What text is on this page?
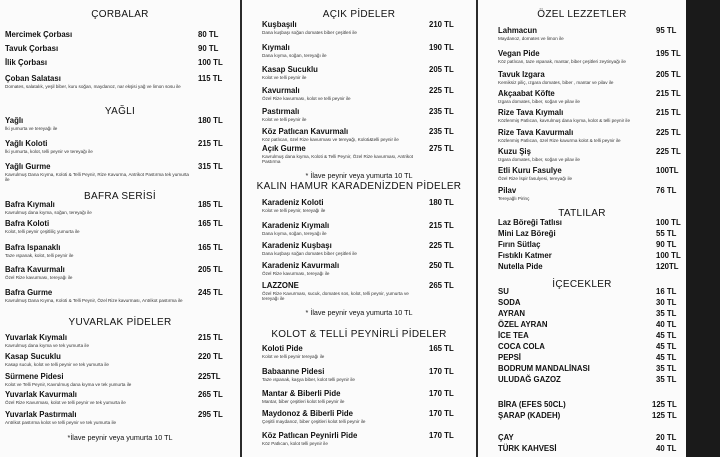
ÇORBALAR
Mercimek Çorbası	80 TL
Tavuk Çorbası	90 TL
İlik Çorbası	100 TL
Çoban Salatası	115 TL
Domates, salatalık, yeşil biber, kuru soğan, maydanoz, nar ekşisi yağ ve limon sosu ile
YAĞLI
Yağlı	180 TL
İki yumurta ve tereyağı ile
Yağlı Koloti	215 TL
İki yumurta, kolot, telli peynir ve tereyağı ile
Yağlı Gurme	315 TL
Kavrulmuş Dana Kıyma, Koloti & Telli Peynir, Rize Kavurma, Antrikot Pastırma tek yumurta ile
BAFRA SERİSİ
Bafra Kıymalı	185 TL
Kavrulmuş dana kıyma, soğan, tereyağı ile
Bafra Koloti	165 TL
Kolot, telli peynir çeşitliliç yumurta ile
Bafra Ispanaklı	165 TL
Taze ıspanak, kolot, telli peynir ile
Bafra Kavurmalı	205 TL
Özel Rize kavurması, tereyağı ile
Bafra Gurme	245 TL
Kavrulmuş Dana Kıyma, Koloti & Telli Peynir, Özel Rize kavurması, Antrikot pastırma ile
YUVARLAK PİDELER
Yuvarlak Kıymalı	215 TL
Kavrulmuş dana kıyma ve tek yumurta ile
Kasap Sucuklu	220 TL
Kasap sucuk, kolot ve telli peynir ve tek yumurta ile
Sürmene Pidesi	225TL
Kolot ve Telli Peynir, Kavrulmuş dana kıyma ve tek yumurta ile
Yuvarlak Kavurmalı	265 TL
Özel Rize Kavurması, kolot ve telli peynir ve tek yumurta ile
Yuvarlak Pastırmalı	295 TL
Antrikot pastırma kolot ve telli peynir ve tek yumurta ile
*İlave peynir veya yumurta 10 TL
AÇIK PİDELER
Kuşbaşılı	210 TL
Dana kuşbaşı soğan domates biber çeşitleri ile
Kıymalı	190 TL
Dana kıyma, soğan, tereyağı ile
Kasap Sucuklu	205 TL
Kolot ve telli peynir ile
Kavurmalı	225 TL
Özel Rize kavurması, kolot ve telli peynir ile
Pastırmalı	235 TL
Kolot ve telli peynir ile
Köz Patlıcan Kavurmalı	235 TL
Köz patlıcan, özel Rize kavurması ve tereyağı, Koloti&telli peynir ile
Açık Gurme	275 TL
Kavrulmuş dana kıyma, Koloti & Telli Peynir, Özel Rize kavurması, Antrikot Pastırma
* İlave peynir veya yumurta 10 TL
KALIN HAMUR KARADENİZDEN PİDELER
Karadeniz Koloti	180 TL
Kolot ve telli peynir, tereyağı ile
Karadeniz Kıymalı	215 TL
Dana kıyma, soğan, tereyağı ile
Karadeniz Kuşbaşı	225 TL
Dana kuşbaşı soğan domates biber çeşitleri ile
Karadeniz Kavurmalı	250 TL
Özel Rize kavurması, tereyağı ile
LAZZONE	265 TL
Özel Rize Kavurması, sucuk, domates sos, kolot, telli peynir, yumurta ve tereyağı ile
* İlave peynir veya yumurta 10 TL
KOLOT & TELLİ PEYNİRLİ PİDELER
Koloti Pide	165 TL
Kolot ve telli peynir tereyağı ile
Babaanne Pidesi	170 TL
Taze ıspanak, kaşya biber, kolot telli peynir ile
Mantar & Biberli Pide	170 TL
Mantar, biber çeşitleri kolot telli peynir ile
Maydonoz & Biberli Pide	170 TL
Çeşitli maydanoz, biber çeşitleri kolot telli peynir ile
Köz Patlıcan Peynirli Pide	170 TL
Köz Patlıcan, kolot telli peynir ile
ÖZEL LEZZETLER
Lahmacun	95 TL
Maydanoz, domates ve limon ile
Vegan Pide	195 TL
Köz patlıcan, taze ıspanak, mantar, biber çeşitleri zeytinyağı ile
Tavuk Izgara	205 TL
Kemiksiz piliç, ızgara domates, biber , mantar ve pilav ile
Akçaabat Köfte	215 TL
Izgara domates, biber, soğan ve pilav ile
Rize Tava Kıymalı	215 TL
Közlenmiş Patlıcan, kavrulmuş dana kıyma, kolot & telli peynir ile
Rize Tava Kavurmalı	225 TL
Közlenmiş Patlıcan, özel Rize kavurma kolot & telli peynir ile
Kuzu Şiş	225 TL
Izgara domates, biber, soğan ve pilav ile
Etli Kuru Fasulye	100TL
Özel Rize İspir fasulyesi, tereyağı ile
Pilav	76 TL
Tereyağlı Pirinç
TATLILAR
Laz Böreği Tatlısı	100 TL
Mini Laz Böreği	55 TL
Fırın Sütlaç	90 TL
Fıstıklı Katmer	100 TL
Nutella Pide	120TL
İÇECEKLER
SU	16 TL
SODA	30 TL
AYRAN	35 TL
ÖZEL AYRAN	40 TL
İCE TEA	45 TL
COCA COLA	45 TL
PEPSİ	45 TL
BODRUM MANDALİNASI	35 TL
ULUDAĞ GAZOZ	35 TL
BİRA (EFES 50CL)	125 TL
ŞARAP (KADEH)	125 TL
ÇAY	20 TL
TÜRK KAHVESİ	40 TL
